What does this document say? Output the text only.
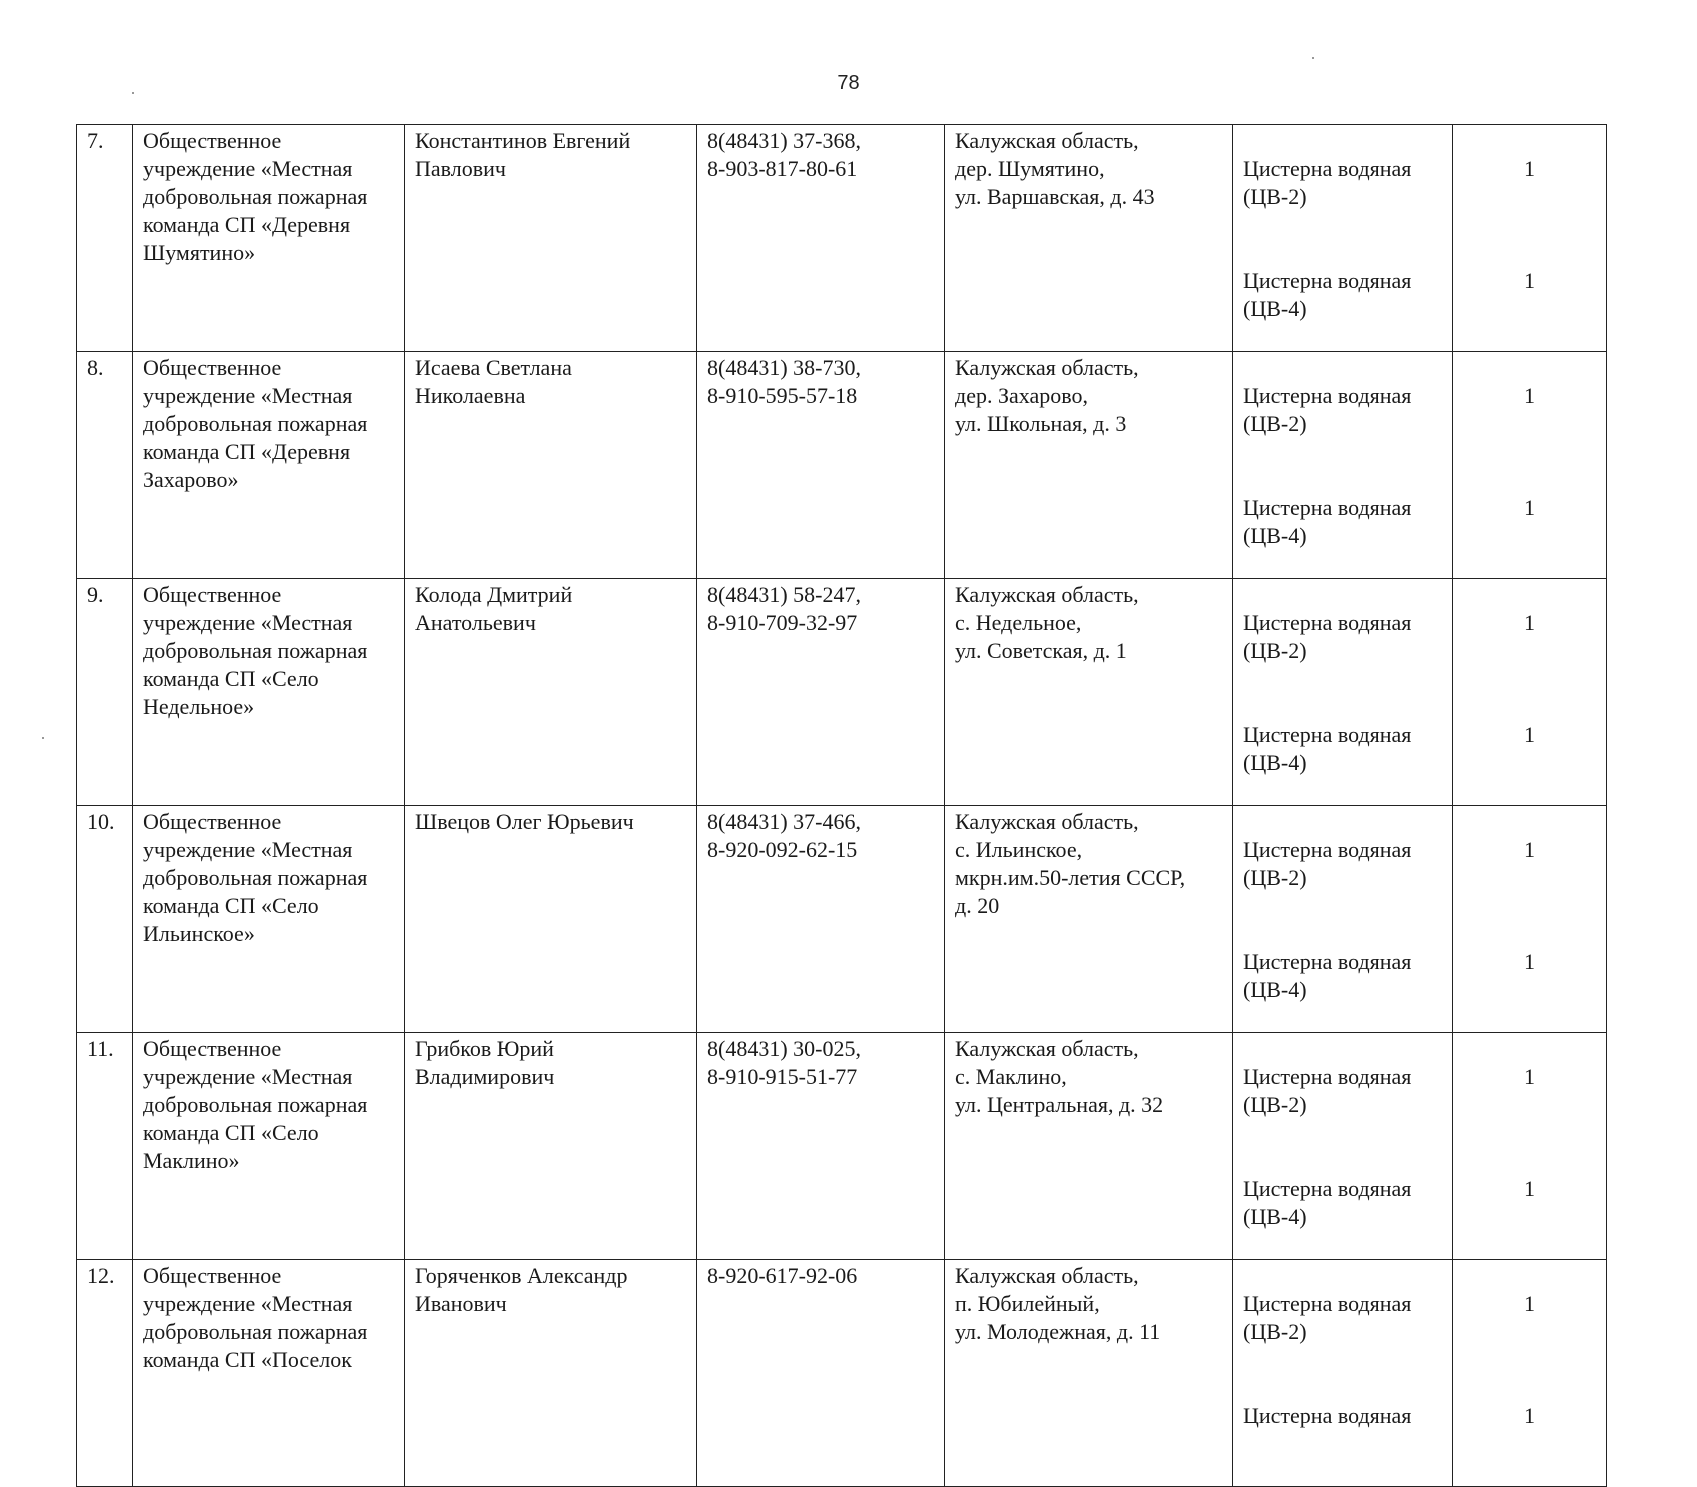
78
7.	Общественное
учреждение «Местная
добровольная пожарная
команда СП «Деревня
Шумятино»	Константинов Евгений
Павлович	8(48431) 37-368,
8-903-817-80-61	Калужская область,
дер. Шумятино,
ул. Варшавская, д. 43	Цистерна водяная
(ЦВ-2)

Цистерна водяная
(ЦВ-4)	1

1

8.	Общественное
учреждение «Местная
добровольная пожарная
команда СП «Деревня
Захарово»	Исаева Светлана
Николаевна	8(48431) 38-730,
8-910-595-57-18	Калужская область,
дер. Захарово,
ул. Школьная, д. 3	Цистерна водяная
(ЦВ-2)

Цистерна водяная
(ЦВ-4)	1

1

9.	Общественное
учреждение «Местная
добровольная пожарная
команда СП «Село
Недельное»	Колода Дмитрий
Анатольевич	8(48431) 58-247,
8-910-709-32-97	Калужская область,
с. Недельное,
ул. Советская, д. 1	Цистерна водяная
(ЦВ-2)

Цистерна водяная
(ЦВ-4)	1

1

10.	Общественное
учреждение «Местная
добровольная пожарная
команда СП «Село
Ильинское»	Швецов Олег Юрьевич	8(48431) 37-466,
8-920-092-62-15	Калужская область,
с. Ильинское,
мкрн.им.50-летия СССР,
д. 20	Цистерна водяная
(ЦВ-2)

Цистерна водяная
(ЦВ-4)	1

1

11.	Общественное
учреждение «Местная
добровольная пожарная
команда СП «Село
Маклино»	Грибков Юрий
Владимирович	8(48431) 30-025,
8-910-915-51-77	Калужская область,
с. Маклино,
ул. Центральная, д. 32	Цистерна водяная
(ЦВ-2)

Цистерна водяная
(ЦВ-4)	1

1

12.	Общественное
учреждение «Местная
добровольная пожарная
команда СП «Поселок	Горяченков Александр
Иванович	8-920-617-92-06	Калужская область,
п. Юбилейный,
ул. Молодежная, д. 11	Цистерна водяная
(ЦВ-2)

Цистерна водяная	1

1
